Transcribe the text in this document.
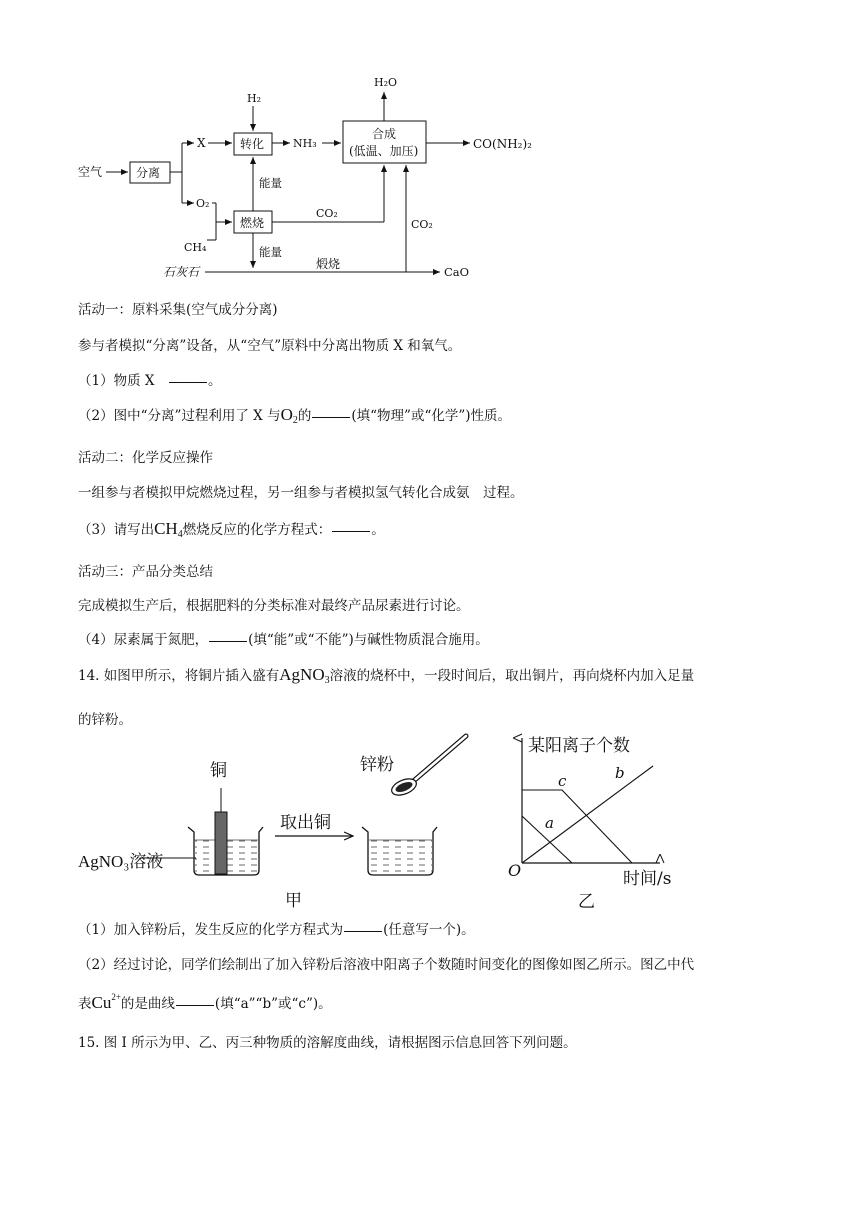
空气	分离
X
O₂
H₂
转化	NH₃
合成
(低温、加压)
H₂O
CO(NH₂)₂
能量
燃烧
CO₂
CH₄	能量
CO₂
石灰石
煅烧
CaO
活动一：原料采集(空气成分分离)
参与者模拟“分离”设备，从“空气”原料中分离出物质 X 和氧气。
（1）物质 X　	。
（2）图中“分离”过程利用了 X 与$O_2$的	(填“物理”或“化学”)性质。
活动二：化学反应操作
一组参与者模拟甲烷燃烧过程，另一组参与者模拟氢气转化合成氨　过程。
（3）请写出$CH_4$燃烧反应的化学方程式：	。
活动三：产品分类总结
完成模拟生产后，根据肥料的分类标准对最终产品尿素进行讨论。
（4）尿素属于氮肥，	(填“能”或“不能”)与碱性物质混合施用。
14. 如图甲所示，将铜片插入盛有AgNO$_3$溶液的烧杯中，一段时间后，取出铜片，再向烧杯内加入足量
的锌粉。
铜
取出铜
锌粉
甲
AgNO₃溶液
某阳离子个数
时间/s
O
c
a
b
乙
（1）加入锌粉后，发生反应的化学方程式为	(任意写一个)。
（2）经过讨论，同学们绘制出了加入锌粉后溶液中阳离子个数随时间变化的图像如图乙所示。图乙中代
表$Cu^{2+}$的是曲线	(填“a”“b”或“c”)。
15. 图 I 所示为甲、乙、丙三种物质的溶解度曲线，请根据图示信息回答下列问题。
